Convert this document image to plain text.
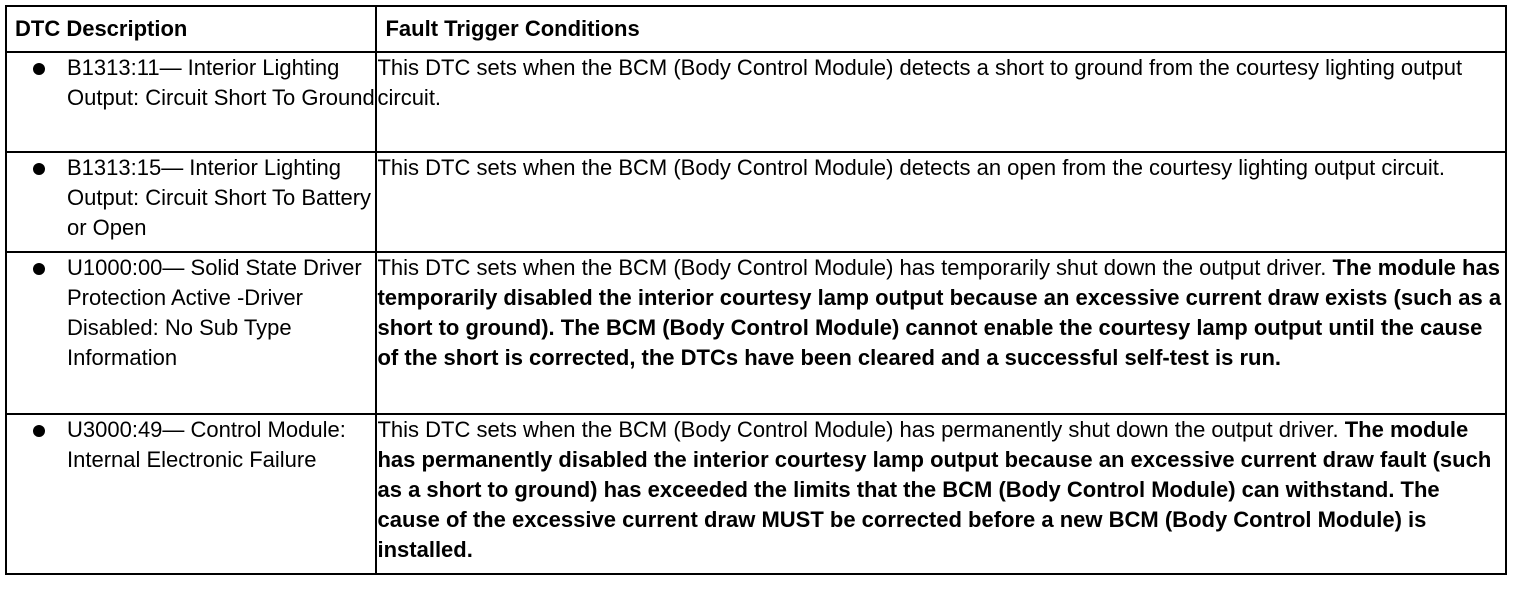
DTC Description	Fault Trigger Conditions

B1313:11— Interior Lighting Output: Circuit Short To Ground	This DTC sets when the BCM (Body Control Module) detects a short to ground from the courtesy lighting output circuit.

B1313:15— Interior Lighting Output: Circuit Short To Battery or Open	This DTC sets when the BCM (Body Control Module) detects an open from the courtesy lighting output circuit.

U1000:00— Solid State Driver Protection Active -Driver Disabled: No Sub Type Information	This DTC sets when the BCM (Body Control Module) has temporarily shut down the output driver. The module has temporarily disabled the interior courtesy lamp output because an excessive current draw exists (such as a short to ground). The BCM (Body Control Module) cannot enable the courtesy lamp output until the cause of the short is corrected, the DTCs have been cleared and a successful self-test is run.

U3000:49— Control Module: Internal Electronic Failure	This DTC sets when the BCM (Body Control Module) has permanently shut down the output driver. The module has permanently disabled the interior courtesy lamp output because an excessive current draw fault (such as a short to ground) has exceeded the limits that the BCM (Body Control Module) can withstand. The cause of the excessive current draw MUST be corrected before a new BCM (Body Control Module) is installed.
